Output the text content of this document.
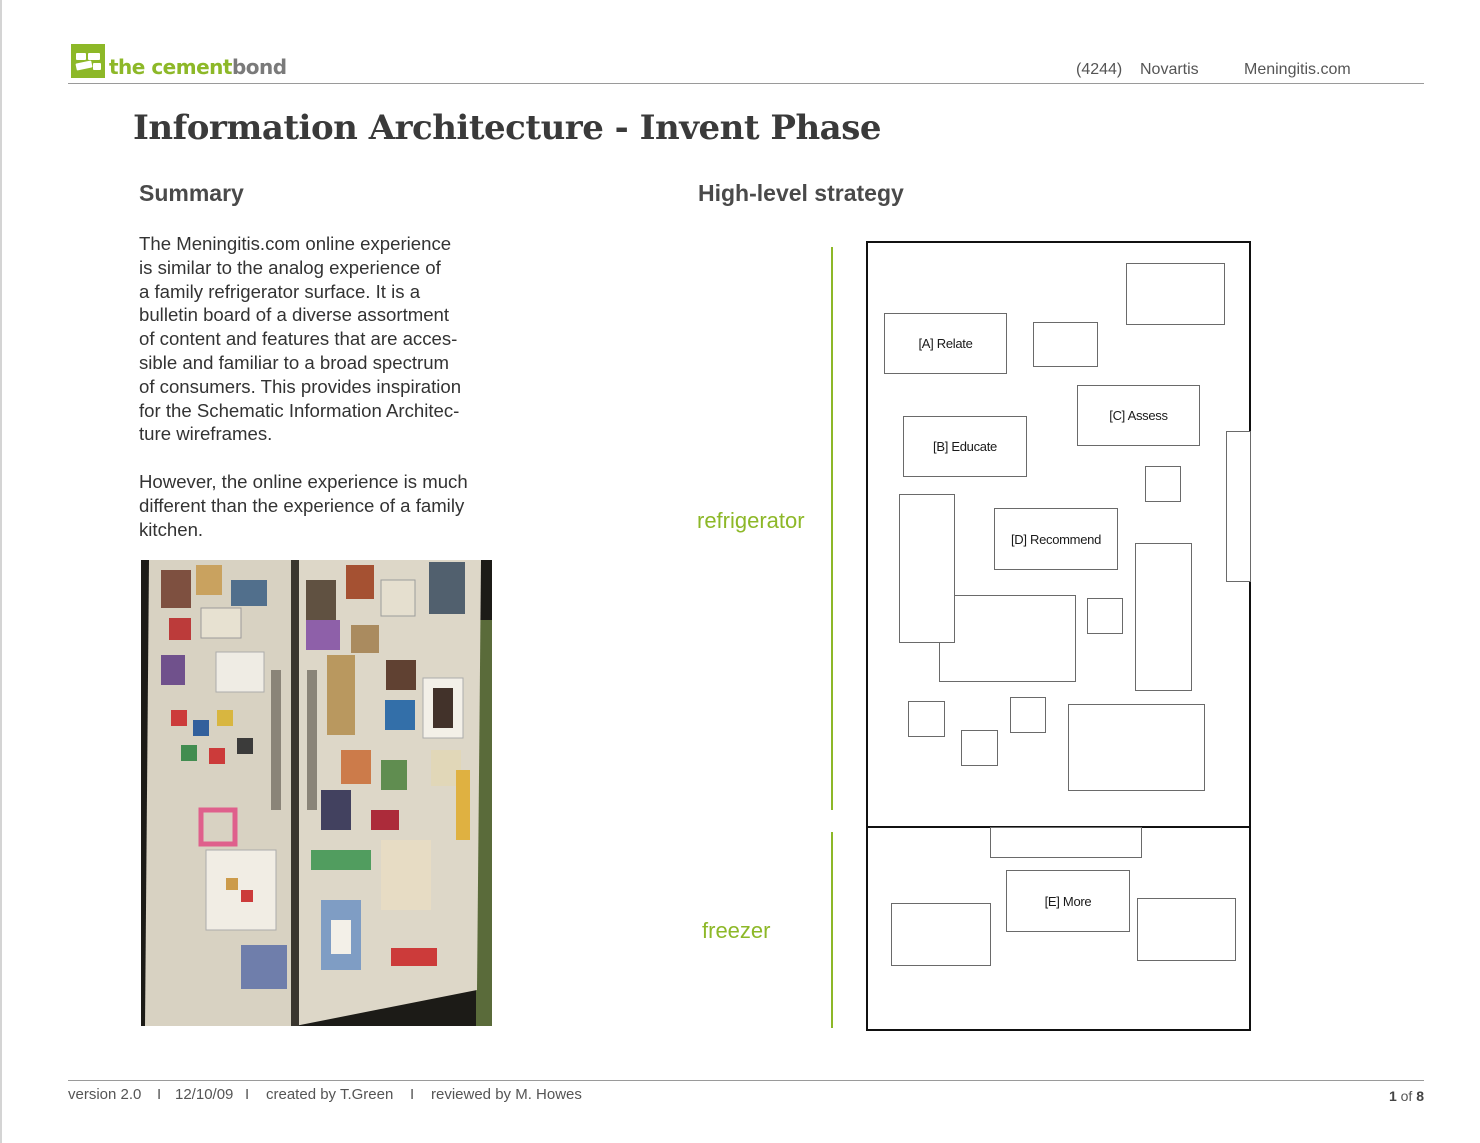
the cementbond	(4244) Novartis	Meningitis.com
Information Architecture - Invent Phase
Summary
The Meningitis.com online experience
is similar to the analog experience of
a family refrigerator surface. It is a
bulletin board of a diverse assortment
of content and features that are acces-
sible and familiar to a broad spectrum
of consumers. This provides inspiration
for the Schematic Information Architec-
ture wireframes.
However, the online experience is much
different than the experience of a family
kitchen.
High-level strategy
refrigerator
freezer
[A] Relate
[B] Educate
[C] Assess
[D] Recommend
[E] More
version 2.0 I 12/10/09 I created by T.Green I reviewed by M. Howes	1 of 8
